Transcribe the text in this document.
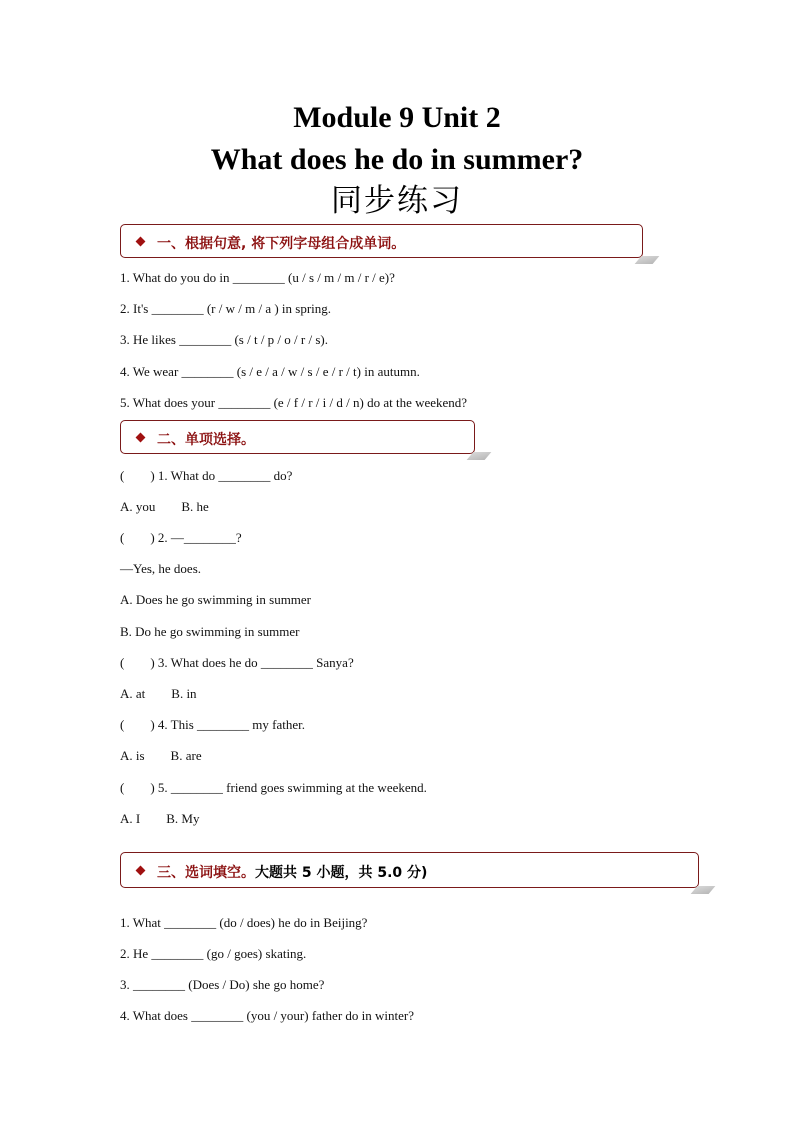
Module 9 Unit 2
What does he do in summer?
同步练习
一、根据句意, 将下列字母组合成单词。
1. What do you do in ________ (u / s / m / m / r / e)?
2. It's ________ (r / w / m / a ) in spring.
3. He likes ________ (s / t / p / o / r / s).
4. We wear ________ (s / e / a / w / s / e / r / t) in autumn.
5. What does your ________ (e / f / r / i / d / n) do at the weekend?
二、单项选择。
(　　) 1. What do ________ do?
A. you　　B. he
(　　) 2. —________?
—Yes, he does.
A. Does he go swimming in summer
B. Do he go swimming in summer
(　　) 3. What does he do ________ Sanya?
A. at　　B. in
(　　) 4. This ________ my father.
A. is　　B. are
(　　) 5. ________ friend goes swimming at the weekend.
A. I　　B. My
三、选词填空。大题共 5 小题，共 5.0 分)
1. What ________ (do / does) he do in Beijing?
2. He ________ (go / goes) skating.
3. ________ (Does / Do) she go home?
4. What does ________ (you / your) father do in winter?
